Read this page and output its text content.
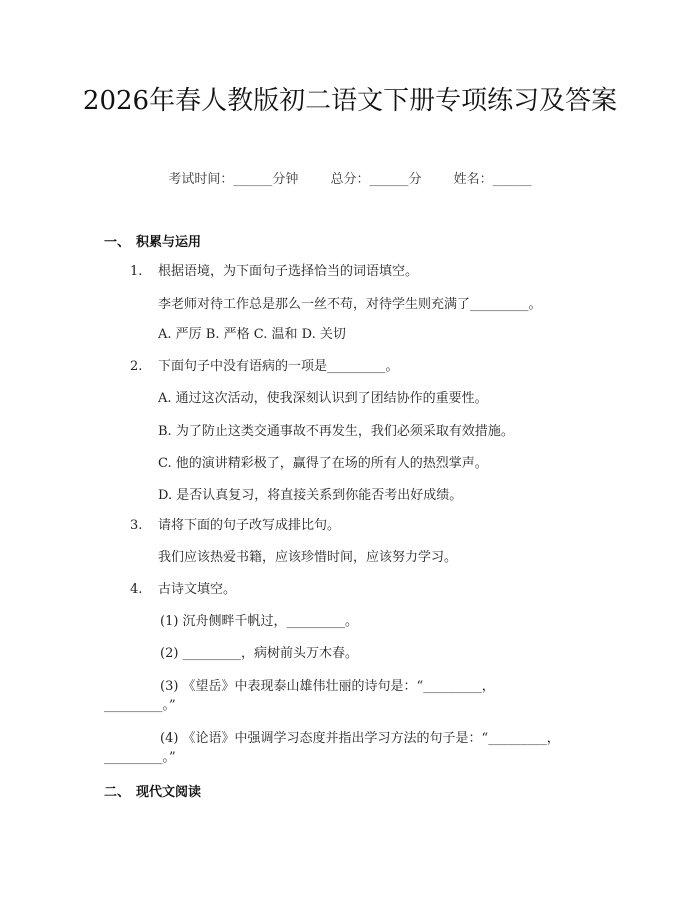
2026年春人教版初二语文下册专项练习及答案
考试时间：______分钟 总分：______分 姓名：______
一、 积累与运用
1. 根据语境，为下面句子选择恰当的词语填空。
李老师对待工作总是那么一丝不苟，对待学生则充满了_________。
A. 严厉 B. 严格 C. 温和 D. 关切
2. 下面句子中没有语病的一项是_________。
A. 通过这次活动，使我深刻认识到了团结协作的重要性。
B. 为了防止这类交通事故不再发生，我们必须采取有效措施。
C. 他的演讲精彩极了，赢得了在场的所有人的热烈掌声。
D. 是否认真复习，将直接关系到你能否考出好成绩。
3. 请将下面的句子改写成排比句。
我们应该热爱书籍，应该珍惜时间，应该努力学习。
4. 古诗文填空。
(1) 沉舟侧畔千帆过，_________。
(2) _________，病树前头万木春。
(3) 《望岳》中表现泰山雄伟壮丽的诗句是：“_________，
_________。”
(4) 《论语》中强调学习态度并指出学习方法的句子是：“_________，
_________。”
二、 现代文阅读
